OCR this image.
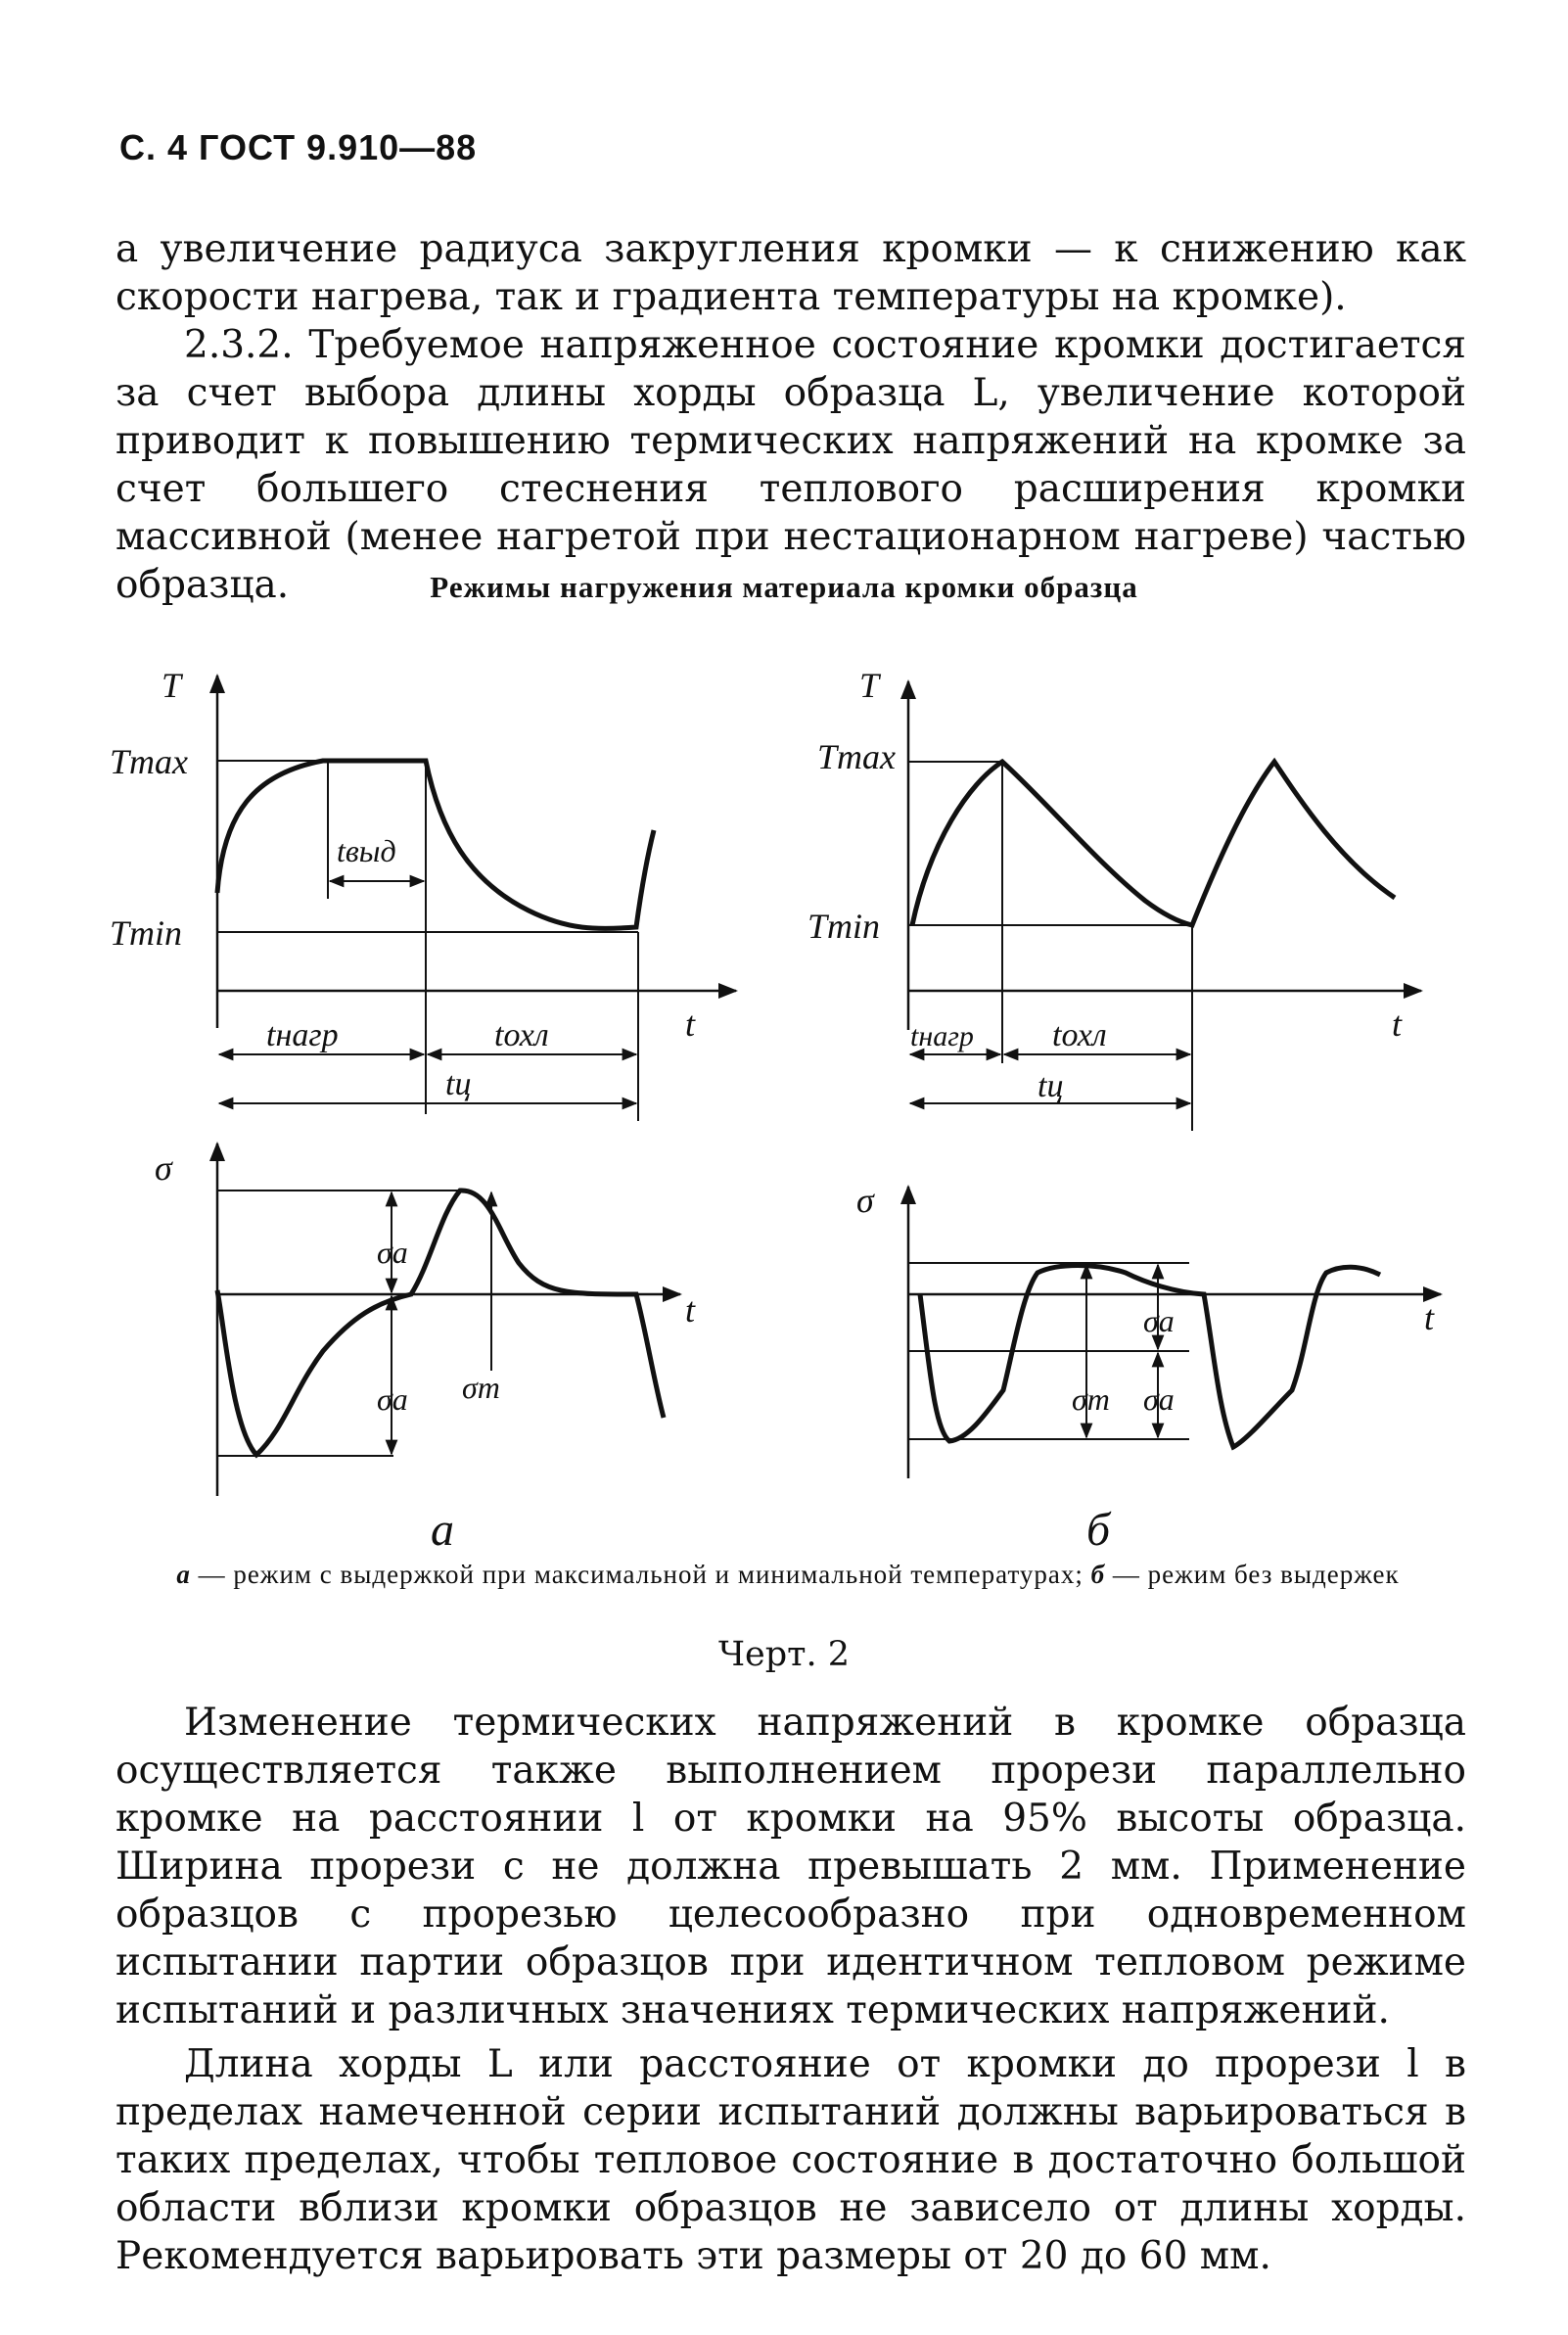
С. 4 ГОСТ 9.910—88

а увеличение радиуса закругления кромки — к снижению как скорости нагрева, так и градиента температуры на кромке).

2.3.2. Требуемое напряженное состояние кромки достигается за счет выбора длины хорды образца L, увеличение которой приводит к повышению термических напряжений на кромке за счет большего стеснения теплового расширения кромки массивной (менее нагретой при нестационарном нагреве) частью образца.	Режимы нагружения материала кромки образца
T
Tmax
Tmin
tвыд
tнагр	tохл
tц
t
σ
σa
σa σm
t
а
T
Tmax
Tmin
tнагр tохл
tц
t
σ
σm
σa
σa
t
б
а — режим с выдержкой при максимальной и минимальной температурах; б — режим без выдержек
Черт. 2

Изменение термических напряжений в кромке образца осуществляется также выполнением прорези параллельно кромке на расстоянии l от кромки на 95% высоты образца. Ширина прорези c не должна превышать 2 мм. Применение образцов с прорезью целесообразно при одновременном испытании партии образцов при идентичном тепловом режиме испытаний и различных значениях термических напряжений.

Длина хорды L или расстояние от кромки до прорези l в пределах намеченной серии испытаний должны варьироваться в таких пределах, чтобы тепловое состояние в достаточно большой области вблизи кромки образцов не зависело от длины хорды. Рекомендуется варьировать эти размеры от 20 до 60 мм.
